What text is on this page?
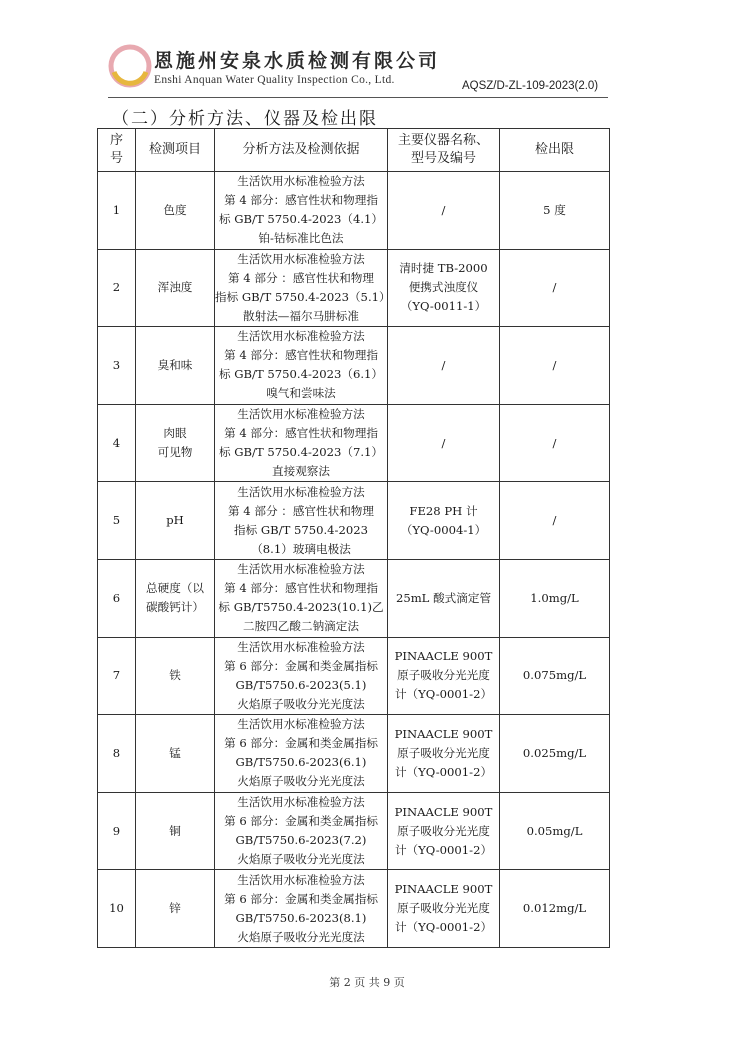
恩施州安泉水质检测有限公司
Enshi Anquan Water Quality Inspection Co., Ltd.	AQSZ/D-ZL-109-2023(2.0)
（二）分析方法、仪器及检出限
序
号	检测项目	分析方法及检测依据	主要仪器名称、
型号及编号	检出限

1	色度	生活饮用水标准检验方法
第 4 部分：感官性状和物理指
标 GB/T 5750.4-2023（4.1）
铂-钴标准比色法	/	5 度
2	浑浊度	生活饮用水标准检验方法
第 4 部分 ：感官性状和物理
指标 GB/T 5750.4-2023（5.1）
散射法—福尔马肼标准	清时捷 TB-2000
便携式浊度仪
（YQ-0011-1）	/
3	臭和味	生活饮用水标准检验方法
第 4 部分：感官性状和物理指
标 GB/T 5750.4-2023（6.1）
嗅气和尝味法	/	/
4	肉眼
可见物	生活饮用水标准检验方法
第 4 部分：感官性状和物理指
标 GB/T 5750.4-2023（7.1）
直接观察法	/	/
5	pH	生活饮用水标准检验方法
第 4 部分 ：感官性状和物理
指标 GB/T 5750.4-2023
（8.1）玻璃电极法	FE28 PH 计
（YQ-0004-1）	/
6	总硬度（以
碳酸钙计）	生活饮用水标准检验方法
第 4 部分：感官性状和物理指
标 GB/T5750.4-2023(10.1)乙
二胺四乙酸二钠滴定法	25mL 酸式滴定管	1.0mg/L
7	铁	生活饮用水标准检验方法
第 6 部分：金属和类金属指标
GB/T5750.6-2023(5.1)
火焰原子吸收分光光度法	PINAACLE 900T
原子吸收分光光度
计（YQ-0001-2）	0.075mg/L
8	锰	生活饮用水标准检验方法
第 6 部分：金属和类金属指标
GB/T5750.6-2023(6.1)
火焰原子吸收分光光度法	PINAACLE 900T
原子吸收分光光度
计（YQ-0001-2）	0.025mg/L
9	铜	生活饮用水标准检验方法
第 6 部分：金属和类金属指标
GB/T5750.6-2023(7.2)
火焰原子吸收分光光度法	PINAACLE 900T
原子吸收分光光度
计（YQ-0001-2）	0.05mg/L
10	锌	生活饮用水标准检验方法
第 6 部分：金属和类金属指标
GB/T5750.6-2023(8.1)
火焰原子吸收分光光度法	PINAACLE 900T
原子吸收分光光度
计（YQ-0001-2）	0.012mg/L
第 2 页 共 9 页
